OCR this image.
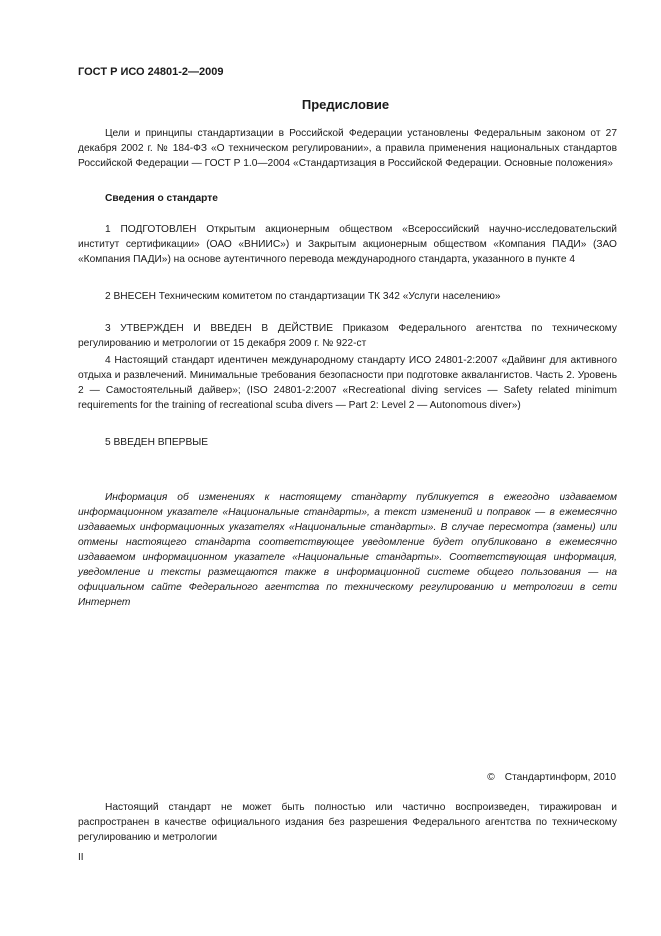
ГОСТ Р ИСО 24801-2—2009
Предисловие
Цели и принципы стандартизации в Российской Федерации установлены Федеральным законом от 27 декабря 2002 г. № 184-ФЗ «О техническом регулировании», а правила применения национальных стандартов Российской Федерации — ГОСТ Р 1.0—2004 «Стандартизация в Российской Федерации. Основные положения»
Сведения о стандарте
1 ПОДГОТОВЛЕН Открытым акционерным обществом «Всероссийский научно-исследовательский институт сертификации» (ОАО «ВНИИС») и Закрытым акционерным обществом «Компания ПАДИ» (ЗАО «Компания ПАДИ») на основе аутентичного перевода международного стандарта, указанного в пункте 4
2 ВНЕСЕН Техническим комитетом по стандартизации ТК 342 «Услуги населению»
3 УТВЕРЖДЕН И ВВЕДЕН В ДЕЙСТВИЕ Приказом Федерального агентства по техническому регулированию и метрологии от 15 декабря 2009 г. № 922-ст
4 Настоящий стандарт идентичен международному стандарту ИСО 24801-2:2007 «Дайвинг для активного отдыха и развлечений. Минимальные требования безопасности при подготовке аквалангистов. Часть 2. Уровень 2 — Самостоятельный дайвер»; (ISO 24801-2:2007 «Recreational diving services — Safety related minimum requirements for the training of recreational scuba divers — Part 2: Level 2 — Autonomous diver»)
5 ВВЕДЕН ВПЕРВЫЕ
Информация об изменениях к настоящему стандарту публикуется в ежегодно издаваемом информационном указателе «Национальные стандарты», а текст изменений и поправок — в ежемесячно издаваемых информационных указателях «Национальные стандарты». В случае пересмотра (замены) или отмены настоящего стандарта соответствующее уведомление будет опубликовано в ежемесячно издаваемом информационном указателе «Национальные стандарты». Соответствующая информация, уведомление и тексты размещаются также в информационной системе общего пользования — на официальном сайте Федерального агентства по техническому регулированию и метрологии в сети Интернет
© Стандартинформ, 2010
Настоящий стандарт не может быть полностью или частично воспроизведен, тиражирован и распространен в качестве официального издания без разрешения Федерального агентства по техническому регулированию и метрологии
II
